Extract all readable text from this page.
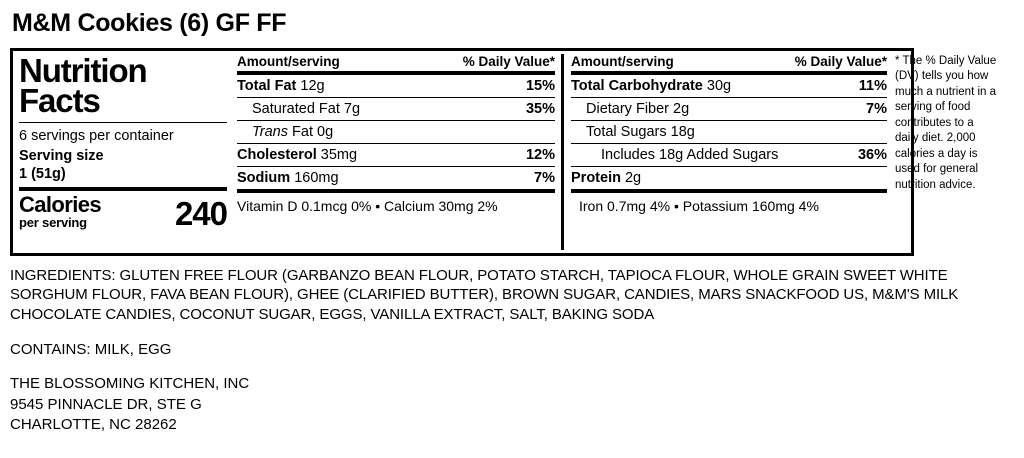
M&M Cookies (6) GF FF
Nutrition
Facts
6 servings per container
Serving size
1 (51g)
Calories
per serving	240
Amount/serving	% Daily Value*
Total Fat 12g	15%
Saturated Fat 7g	35%
Trans Fat 0g
Cholesterol 35mg	12%
Sodium 160mg	7%
Vitamin D 0.1mcg 0% • Calcium 30mg 2%
Amount/serving	% Daily Value*
Total Carbohydrate 30g	11%
Dietary Fiber 2g	7%
Total Sugars 18g
Includes 18g Added Sugars	36%
Protein 2g
Iron 0.7mg 4% • Potassium 160mg 4%
* The % Daily Value (DV) tells you how much a nutrient in a serving of food contributes to a daily diet. 2,000 calories a day is used for general nutrition advice.
INGREDIENTS: GLUTEN FREE FLOUR (GARBANZO BEAN FLOUR, POTATO STARCH, TAPIOCA FLOUR, WHOLE GRAIN SWEET WHITE SORGHUM FLOUR, FAVA BEAN FLOUR), GHEE (CLARIFIED BUTTER), BROWN SUGAR, CANDIES, MARS SNACKFOOD US, M&M'S MILK CHOCOLATE CANDIES, COCONUT SUGAR, EGGS, VANILLA EXTRACT, SALT, BAKING SODA
CONTAINS: MILK, EGG
THE BLOSSOMING KITCHEN, INC
9545 PINNACLE DR, STE G
CHARLOTTE, NC 28262
